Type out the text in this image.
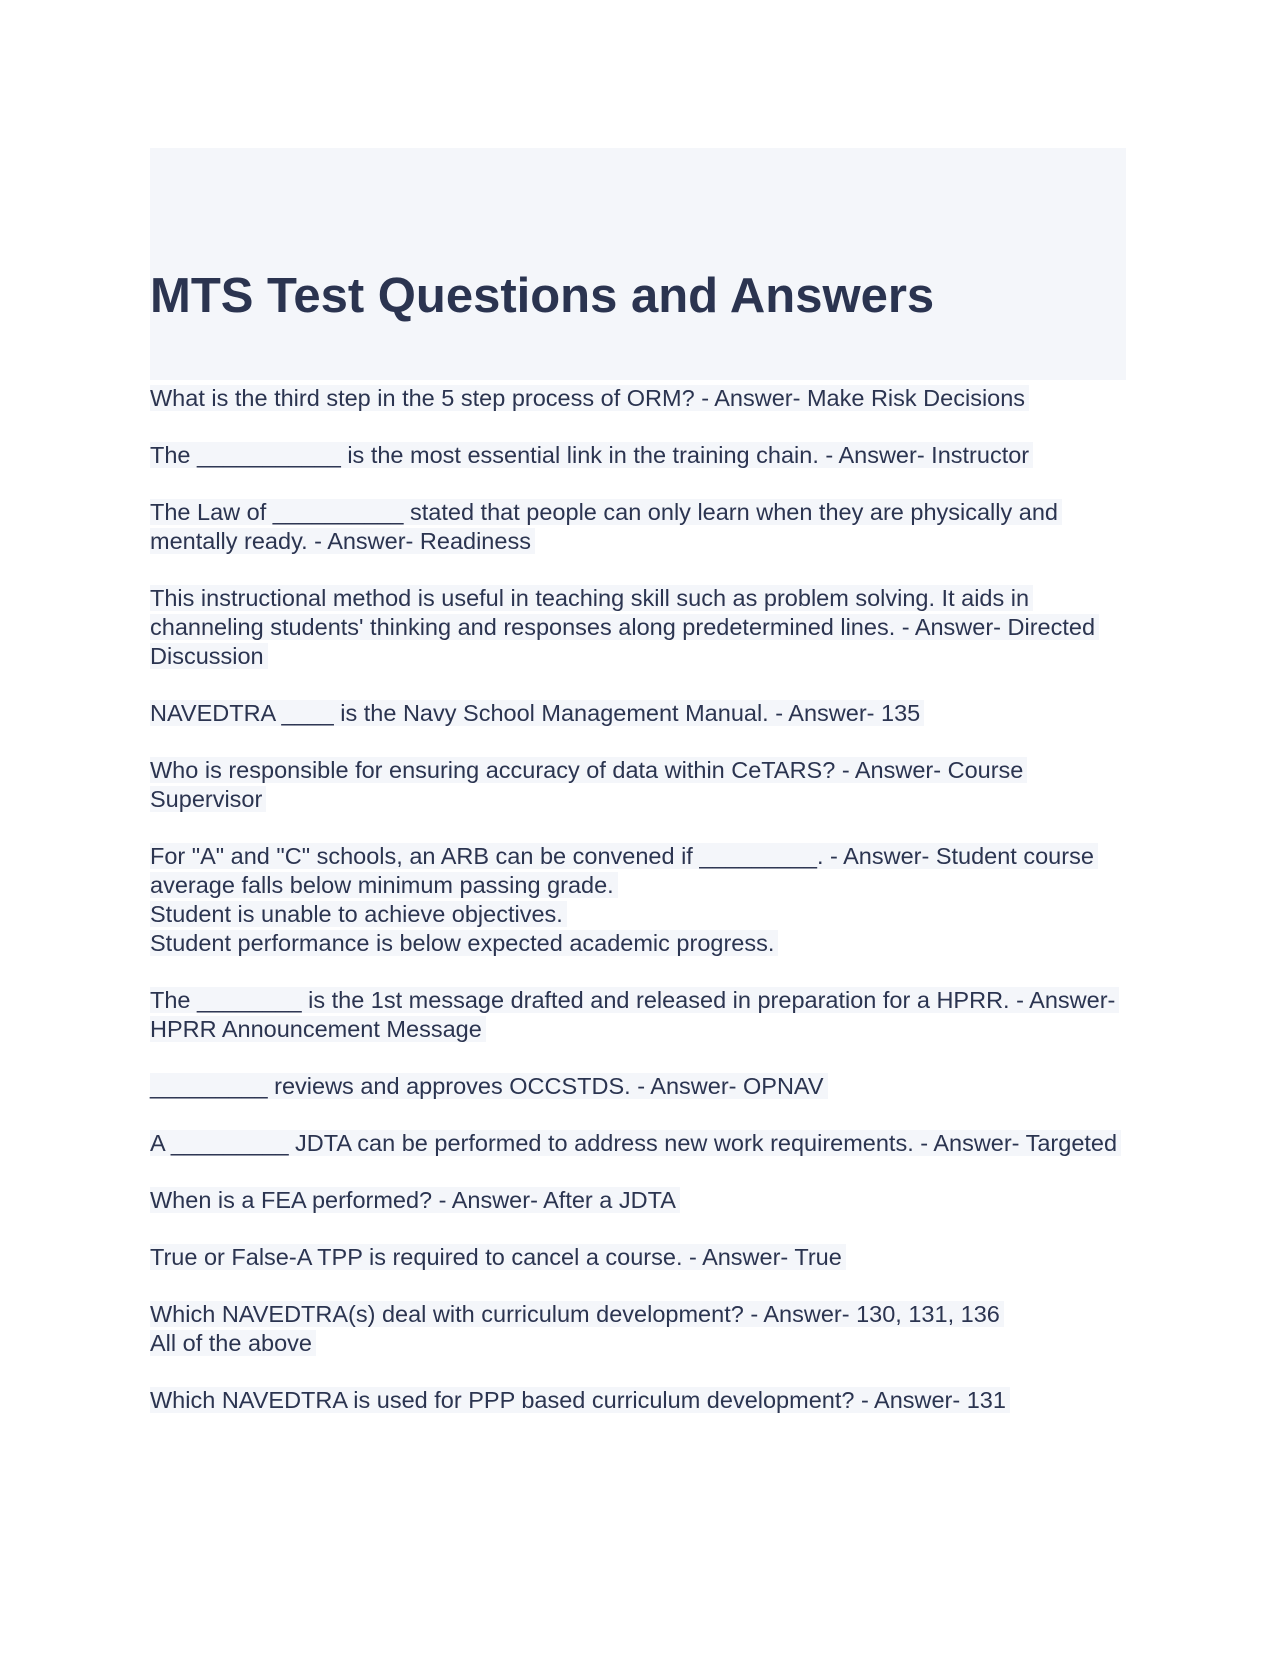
MTS Test Questions and Answers
What is the third step in the 5 step process of ORM? - Answer- Make Risk Decisions
The ___________ is the most essential link in the training chain. - Answer- Instructor
The Law of __________ stated that people can only learn when they are physically and mentally ready. - Answer- Readiness
This instructional method is useful in teaching skill such as problem solving. It aids in channeling students' thinking and responses along predetermined lines. - Answer- Directed Discussion
NAVEDTRA ____ is the Navy School Management Manual. - Answer- 135
Who is responsible for ensuring accuracy of data within CeTARS? - Answer- Course Supervisor
For "A" and "C" schools, an ARB can be convened if _________. - Answer- Student course average falls below minimum passing grade.
Student is unable to achieve objectives.
Student performance is below expected academic progress.
The ________ is the 1st message drafted and released in preparation for a HPRR. - Answer- HPRR Announcement Message
_________ reviews and approves OCCSTDS. - Answer- OPNAV
A _________ JDTA can be performed to address new work requirements. - Answer- Targeted
When is a FEA performed? - Answer- After a JDTA
True or False-A TPP is required to cancel a course. - Answer- True
Which NAVEDTRA(s) deal with curriculum development? - Answer- 130, 131, 136
All of the above
Which NAVEDTRA is used for PPP based curriculum development? - Answer- 131
